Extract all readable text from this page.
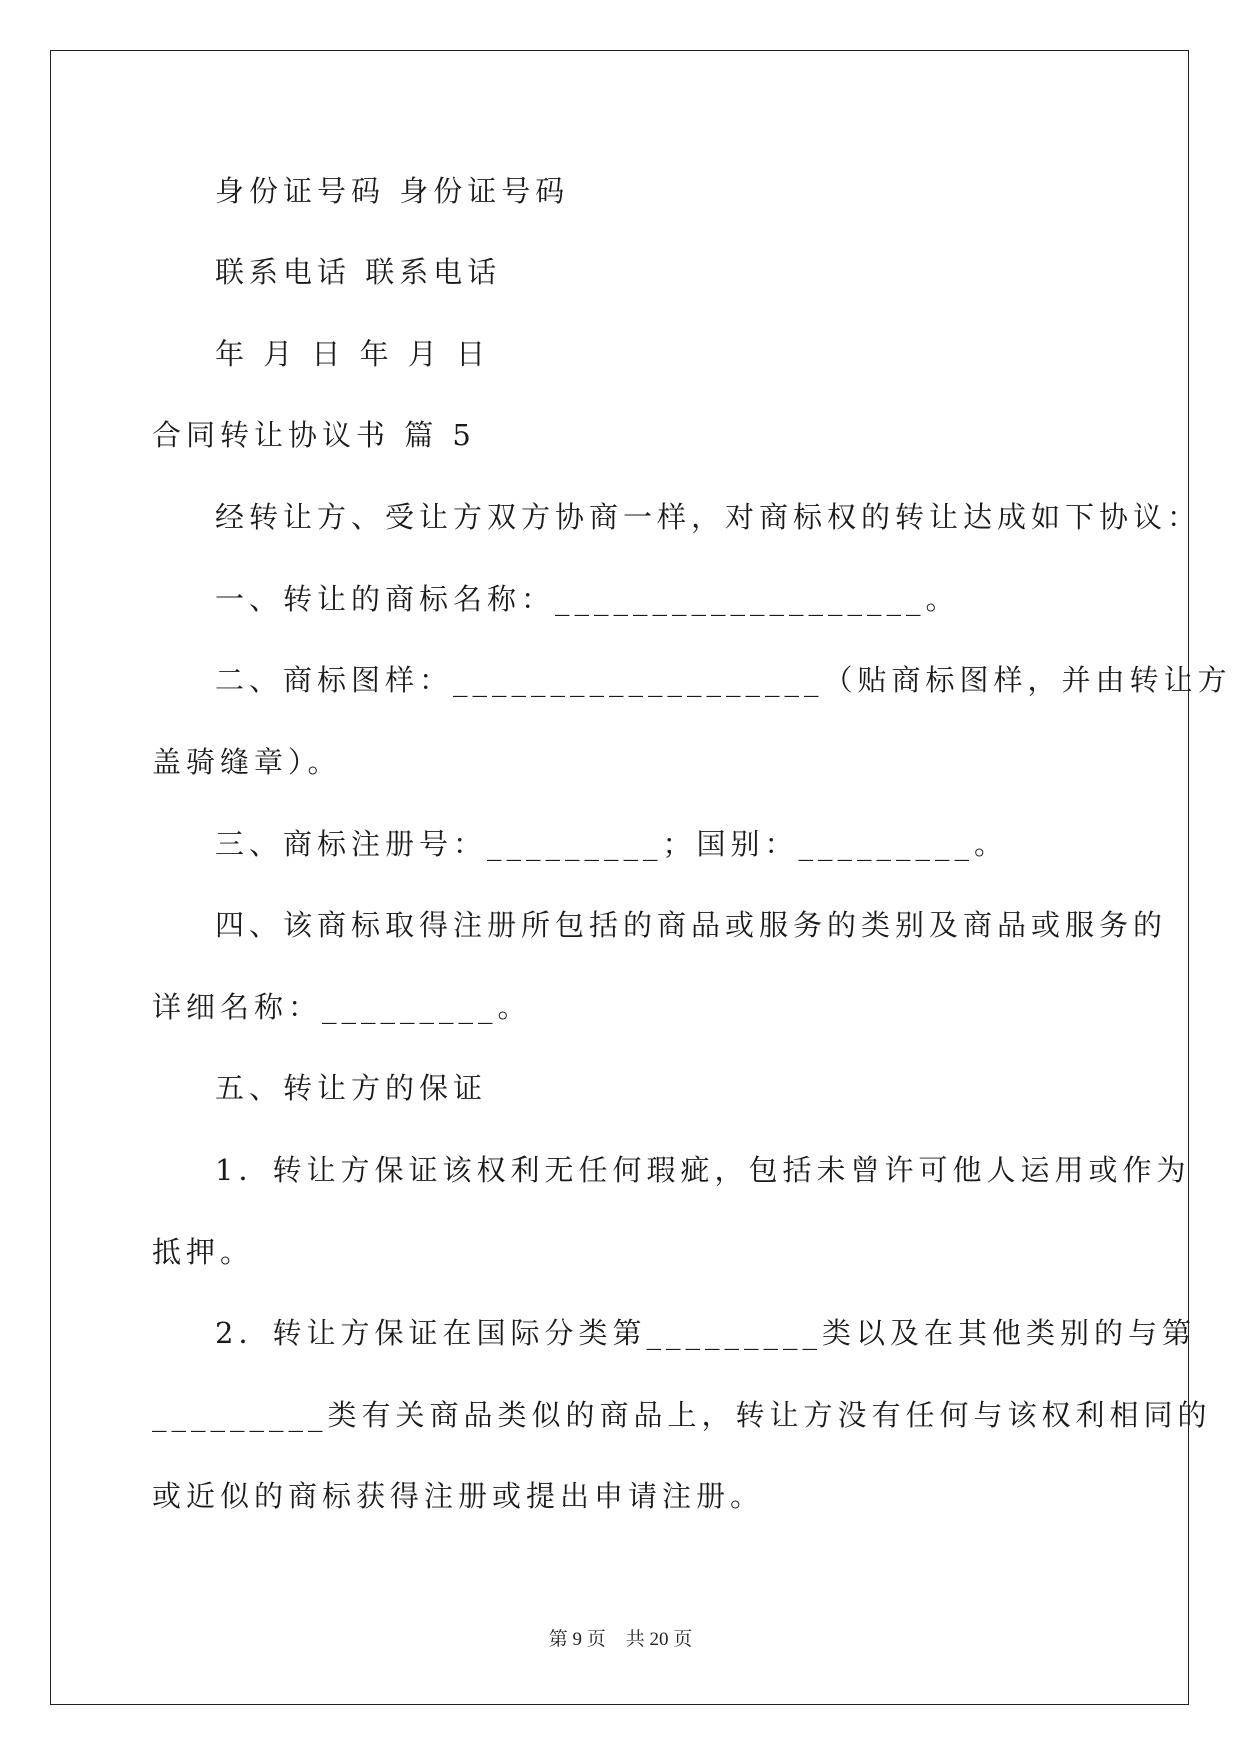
身份证号码 身份证号码
联系电话 联系电话
年 月 日 年 月 日
合同转让协议书 篇 5
经转让方、受让方双方协商一样，对商标权的转让达成如下协议：
一、转让的商标名称：___________________。
二、商标图样：___________________（贴商标图样，并由转让方
盖骑缝章）。
三、商标注册号：_________；国别：_________。
四、该商标取得注册所包括的商品或服务的类别及商品或服务的
详细名称：_________。
五、转让方的保证
1．转让方保证该权利无任何瑕疵，包括未曾许可他人运用或作为
抵押。
2．转让方保证在国际分类第_________类以及在其他类别的与第
_________类有关商品类似的商品上，转让方没有任何与该权利相同的
或近似的商标获得注册或提出申请注册。
第 9 页 共 20 页
